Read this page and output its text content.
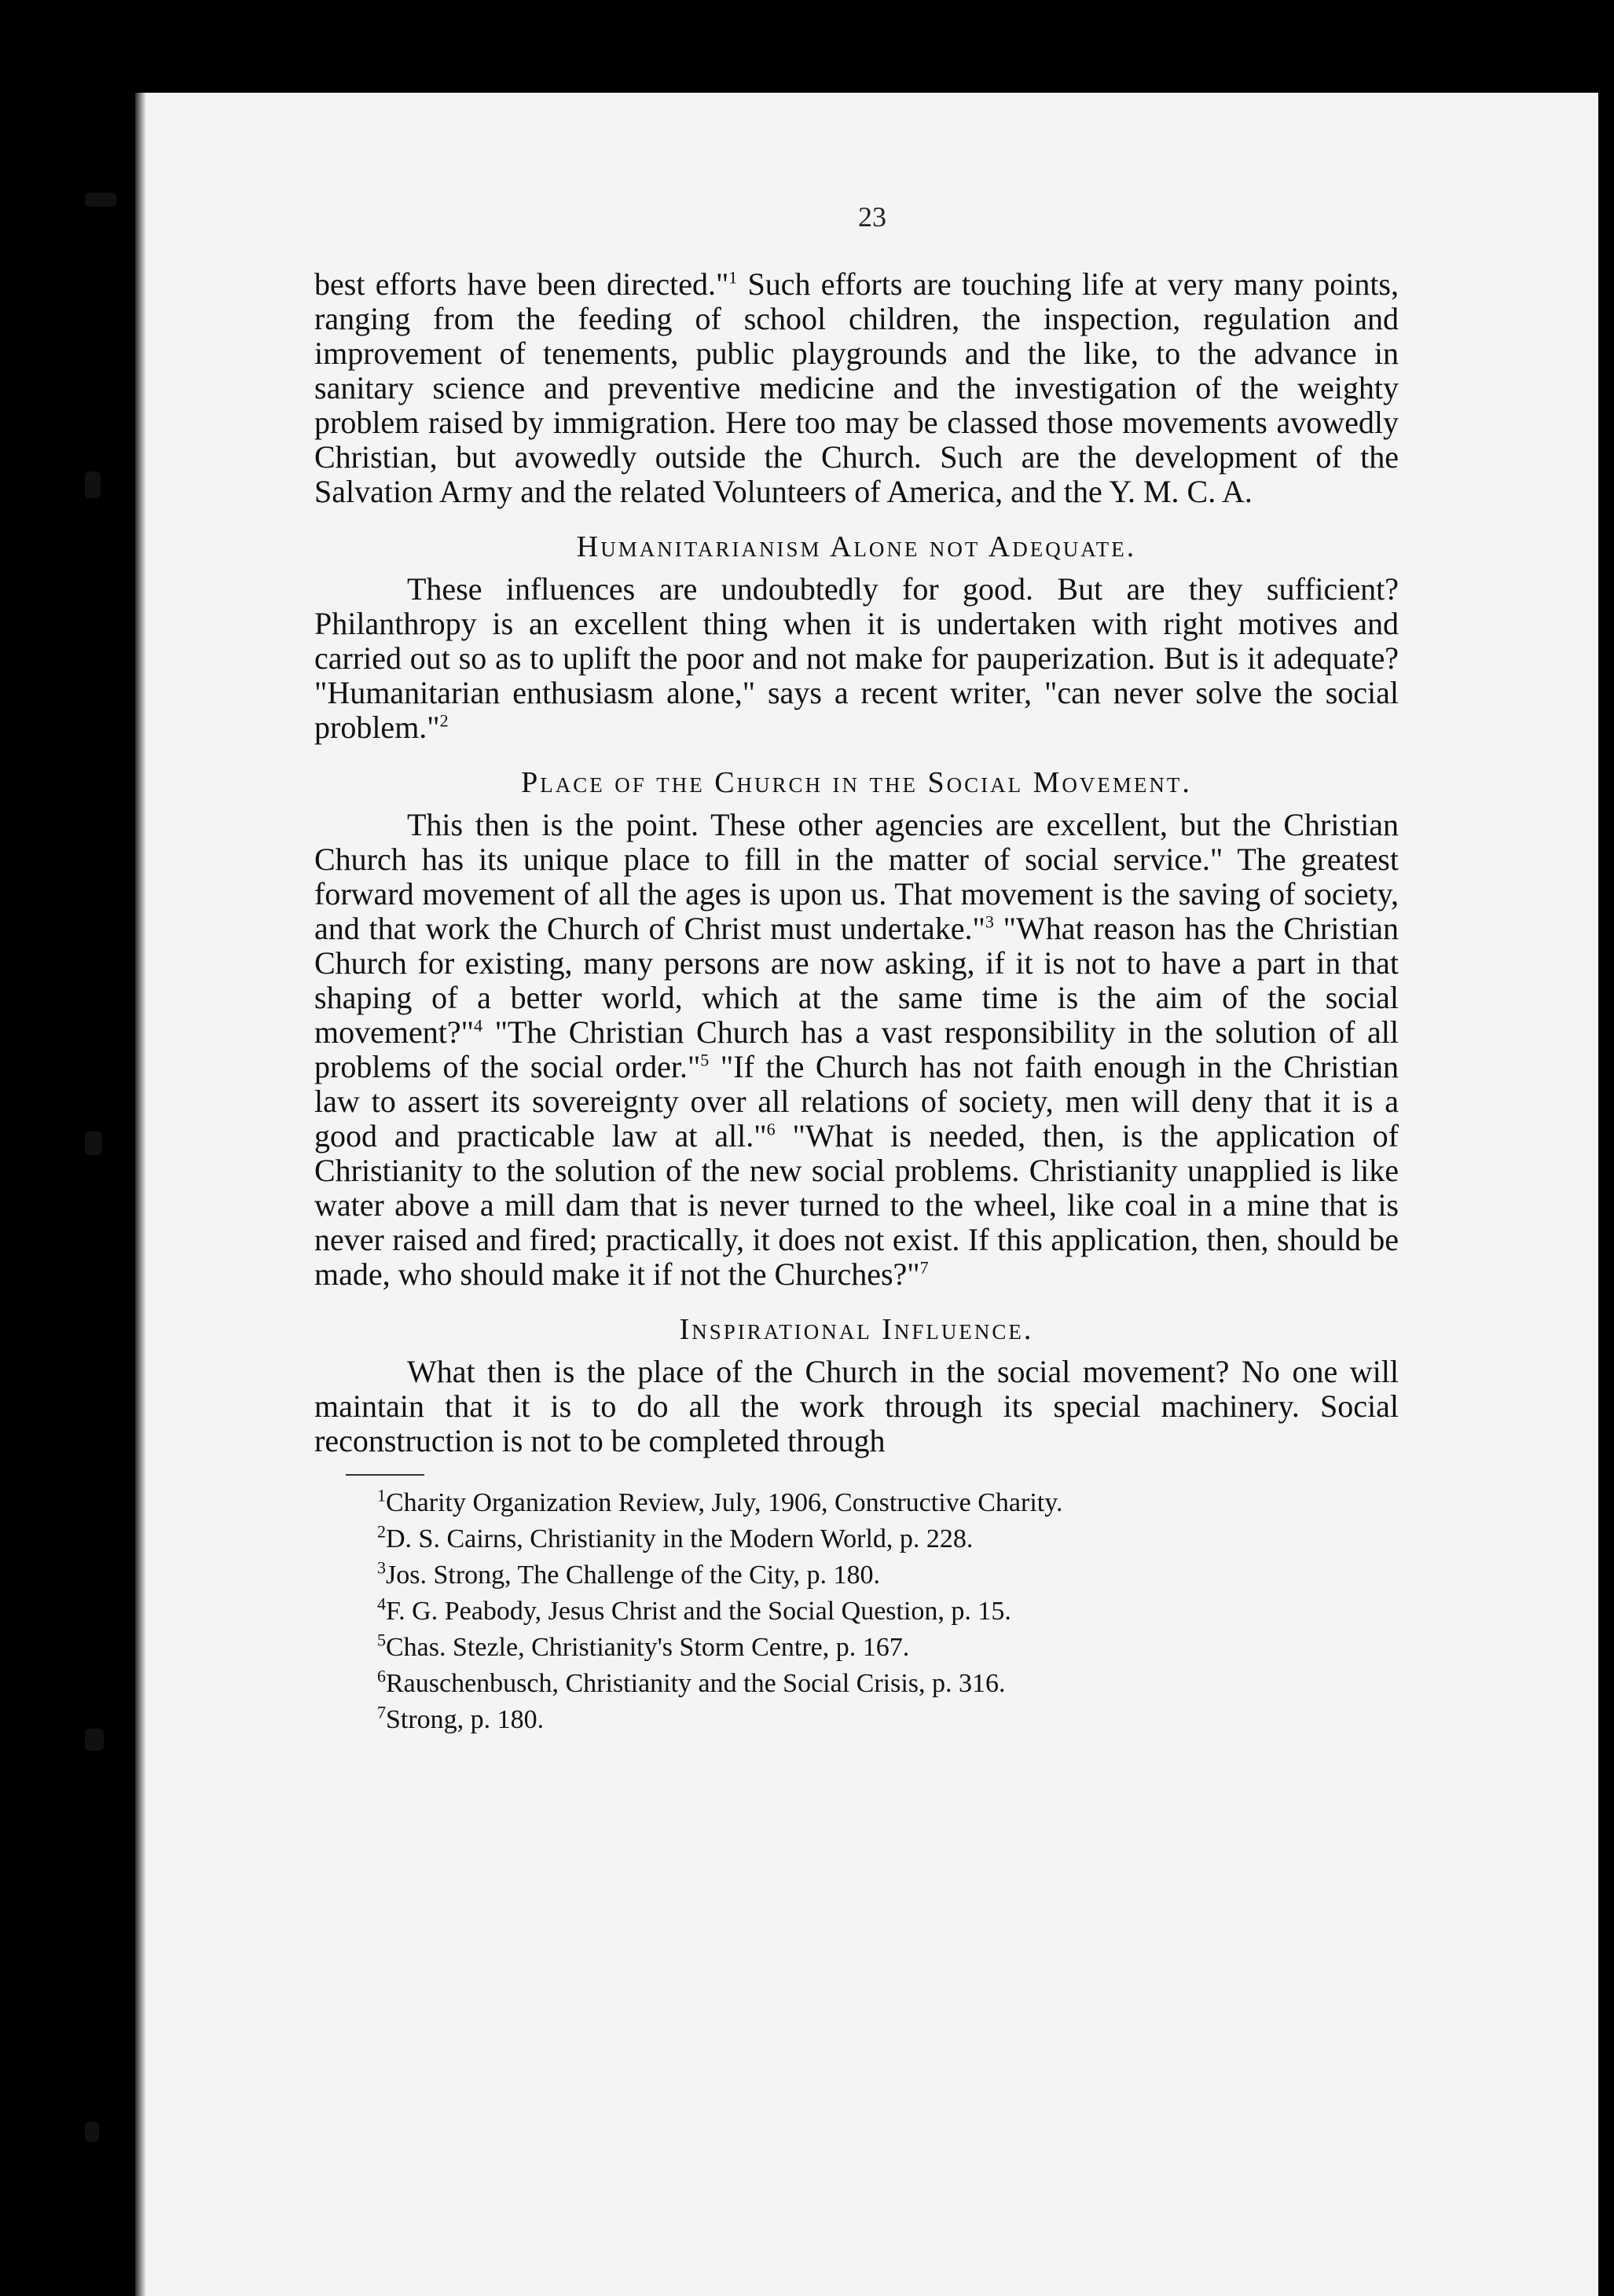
23

best efforts have been directed."$^1$ Such efforts are touching life at very many points, ranging from the feeding of school children, the inspection, regulation and improvement of tenements, public playgrounds and the like, to the advance in sanitary science and preventive medicine and the investigation of the weighty problem raised by immigration. Here too may be classed those movements avowedly Christian, but avowedly outside the Church. Such are the development of the Salvation Army and the related Volunteers of America, and the Y. M. C. A.

Humanitarianism Alone not Adequate.

These influences are undoubtedly for good. But are they sufficient? Philanthropy is an excellent thing when it is undertaken with right motives and carried out so as to uplift the poor and not make for pauperization. But is it adequate? "Humanitarian enthusiasm alone," says a recent writer, "can never solve the social problem."$^2$

Place of the Church in the Social Movement.

This then is the point. These other agencies are excellent, but the Christian Church has its unique place to fill in the matter of social service." The greatest forward movement of all the ages is upon us. That movement is the saving of society, and that work the Church of Christ must undertake."$^3$ "What reason has the Christian Church for existing, many persons are now asking, if it is not to have a part in that shaping of a better world, which at the same time is the aim of the social movement?"$^4$ "The Christian Church has a vast responsibility in the solution of all problems of the social order."$^5$ "If the Church has not faith enough in the Christian law to assert its sovereignty over all relations of society, men will deny that it is a good and practicable law at all."$^6$ "What is needed, then, is the application of Christianity to the solution of the new social problems. Christianity unapplied is like water above a mill dam that is never turned to the wheel, like coal in a mine that is never raised and fired; practically, it does not exist. If this application, then, should be made, who should make it if not the Churches?"$^7$

Inspirational Influence.

What then is the place of the Church in the social movement? No one will maintain that it is to do all the work through its special machinery. Social reconstruction is not to be completed through

$^1$Charity Organization Review, July, 1906, Constructive Charity.
$^2$D. S. Cairns, Christianity in the Modern World, p. 228.
$^3$Jos. Strong, The Challenge of the City, p. 180.
$^4$F. G. Peabody, Jesus Christ and the Social Question, p. 15.
$^5$Chas. Stezle, Christianity's Storm Centre, p. 167.
$^6$Rauschenbusch, Christianity and the Social Crisis, p. 316.
$^7$Strong, p. 180.
